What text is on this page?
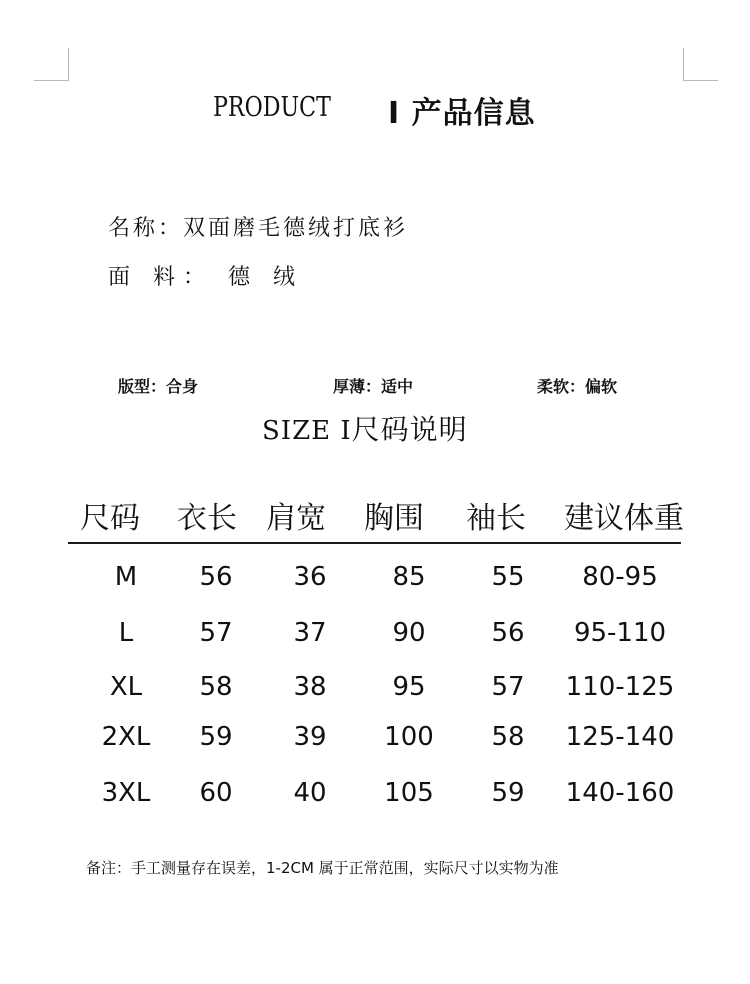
PRODUCT I 产品信息
名称：双面磨毛德绒打底衫
面 料： 德 绒
版型：合身	厚薄：适中	柔软：偏软
SIZE I尺码说明
尺码 衣长 肩宽 胸围 袖长 建议体重
M 56 36	85	55 80-95
L	57 37	90	56 95-110
XL 58 38	95	57 110-125
2XL 59 39 100 58 125-140
3XL 60 40 105 59 140-160
备注：手工测量存在误差，1-2CM 属于正常范围，实际尺寸以实物为准
